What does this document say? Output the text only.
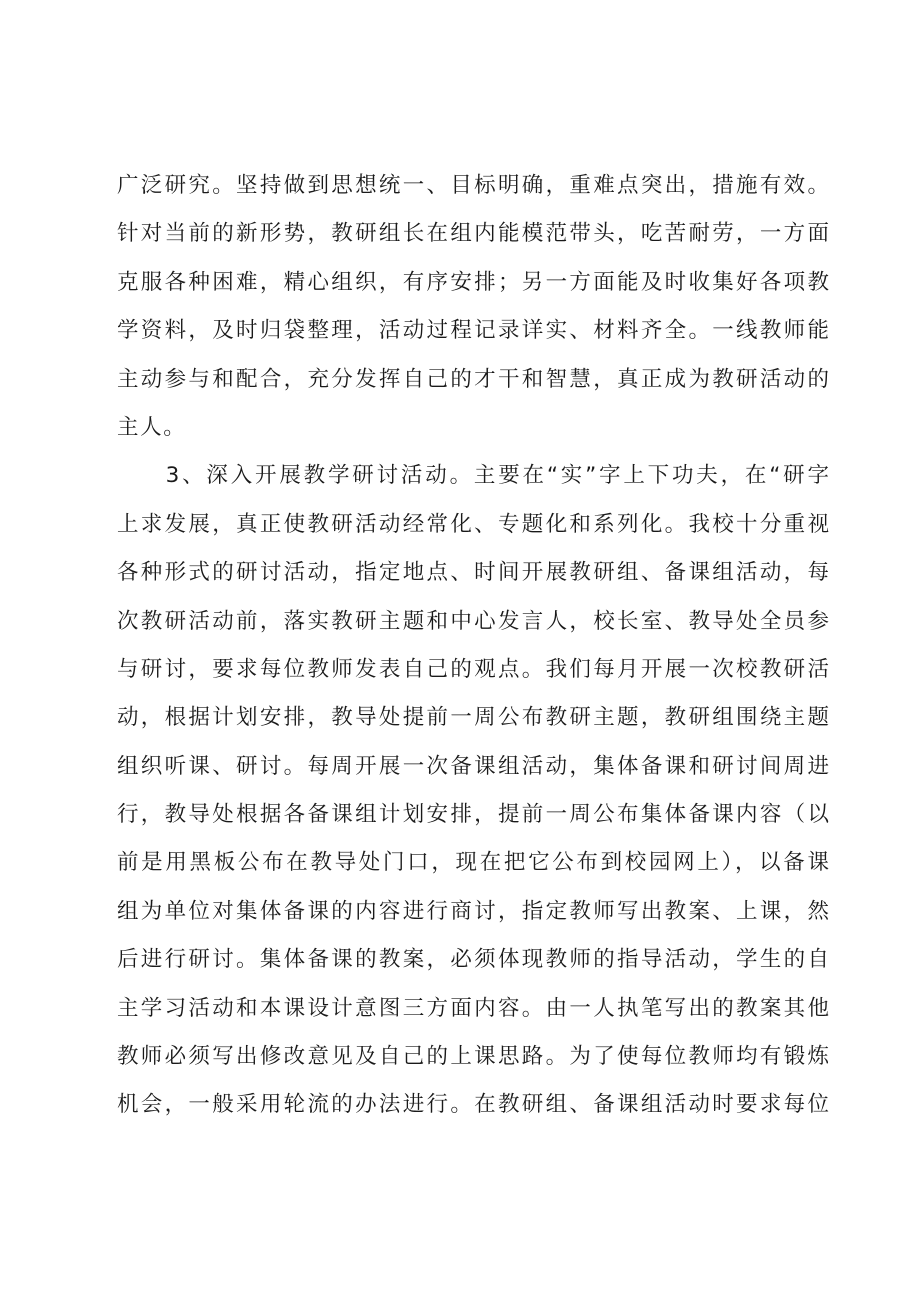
广泛研究。坚持做到思想统一、目标明确，重难点突出，措施有效。
针对当前的新形势，教研组长在组内能模范带头，吃苦耐劳，一方面
克服各种困难，精心组织，有序安排；另一方面能及时收集好各项教
学资料，及时归袋整理，活动过程记录详实、材料齐全。一线教师能
主动参与和配合，充分发挥自己的才干和智慧，真正成为教研活动的
主人。
　　3、深入开展教学研讨活动。主要在“实”字上下功夫，在“研字
上求发展，真正使教研活动经常化、专题化和系列化。我校十分重视
各种形式的研讨活动，指定地点、时间开展教研组、备课组活动，每
次教研活动前，落实教研主题和中心发言人，校长室、教导处全员参
与研讨，要求每位教师发表自己的观点。我们每月开展一次校教研活
动，根据计划安排，教导处提前一周公布教研主题，教研组围绕主题
组织听课、研讨。每周开展一次备课组活动，集体备课和研讨间周进
行，教导处根据各备课组计划安排，提前一周公布集体备课内容（以
前是用黑板公布在教导处门口，现在把它公布到校园网上），以备课
组为单位对集体备课的内容进行商讨，指定教师写出教案、上课，然
后进行研讨。集体备课的教案，必须体现教师的指导活动，学生的自
主学习活动和本课设计意图三方面内容。由一人执笔写出的教案其他
教师必须写出修改意见及自己的上课思路。为了使每位教师均有锻炼
机会，一般采用轮流的办法进行。在教研组、备课组活动时要求每位
